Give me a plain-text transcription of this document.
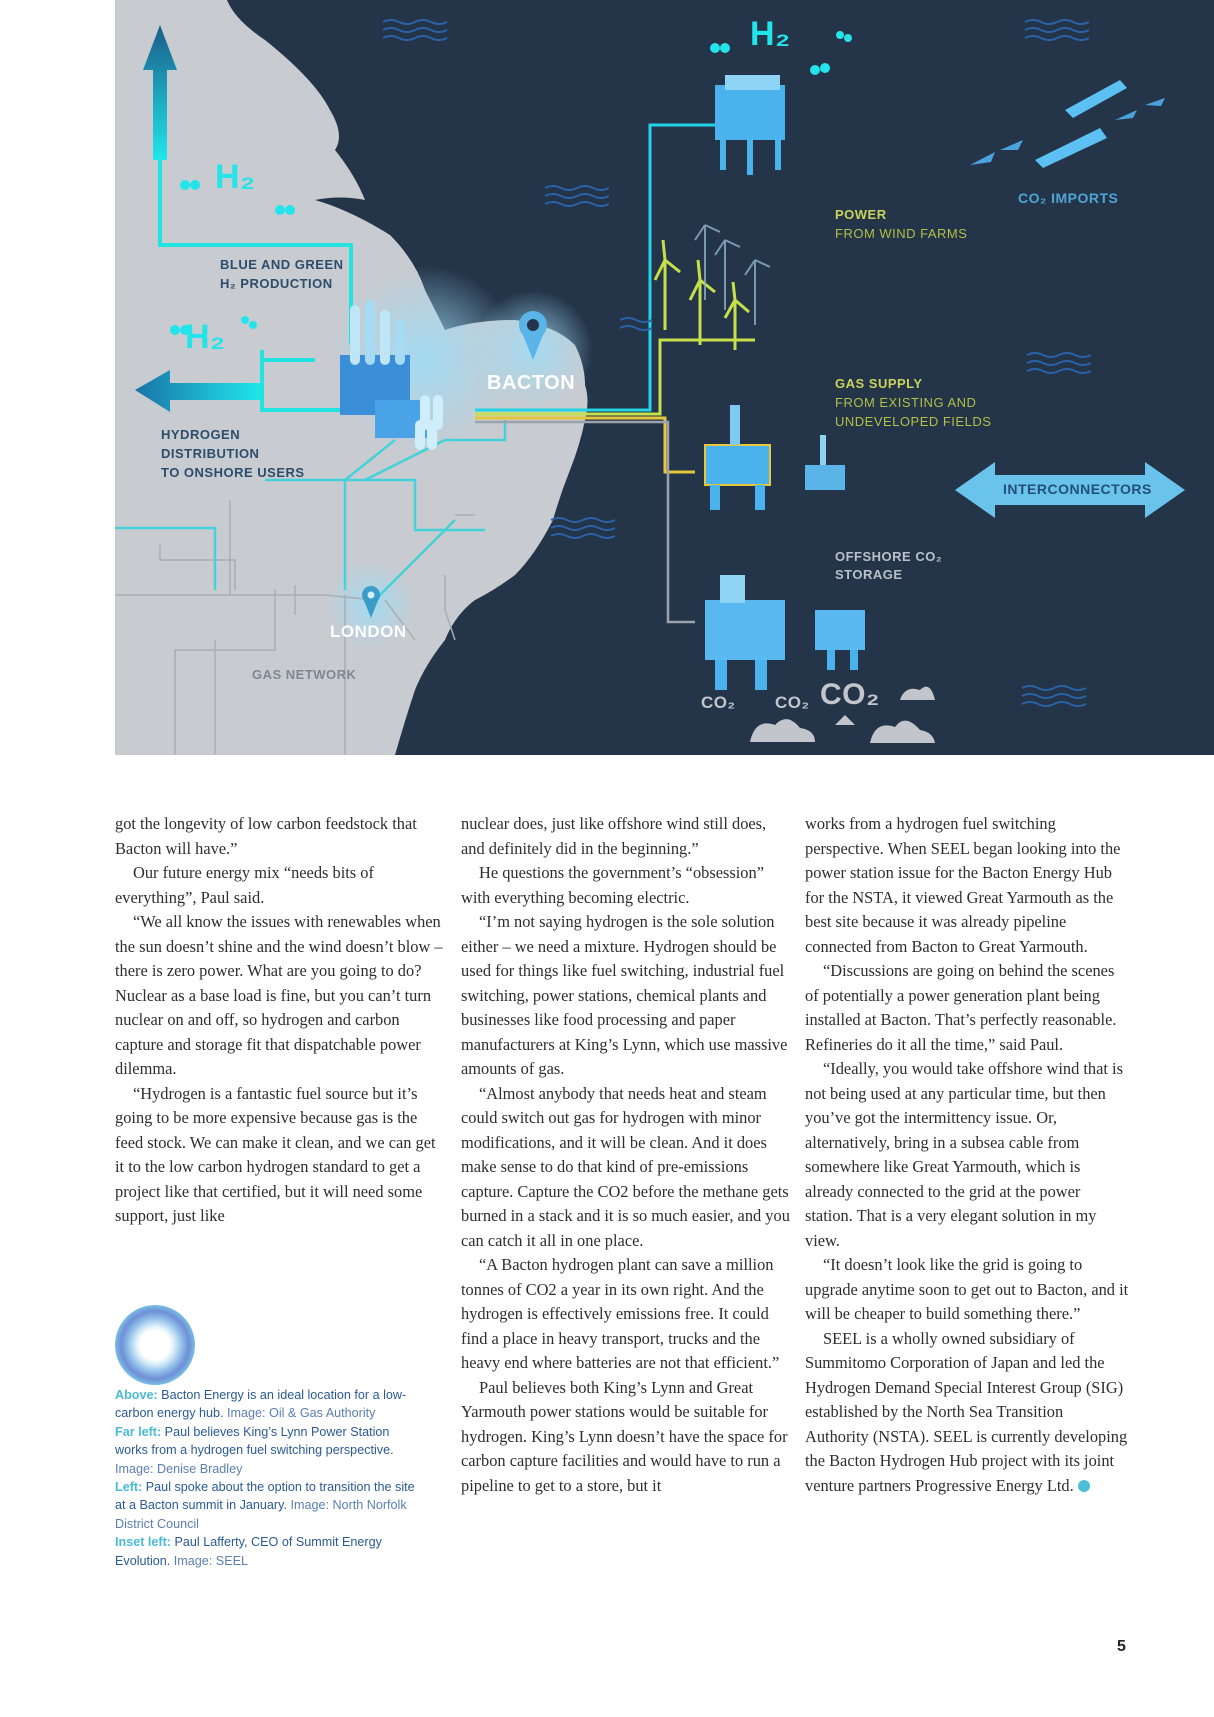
H₂
H₂
H₂
BLUE AND GREEN
H₂ PRODUCTION
HYDROGEN
DISTRIBUTION
TO ONSHORE USERS
BACTON
LONDON
GAS NETWORK
POWER
FROM WIND FARMS
GAS SUPPLY
FROM EXISTING AND
UNDEVELOPED FIELDS
CO₂ IMPORTS
INTERCONNECTORS
OFFSHORE CO₂
STORAGE
CO₂ CO₂ CO₂

got the longevity of low carbon feedstock that Bacton will have.”

Our future energy mix “needs bits of everything”, Paul said.

“We all know the issues with renewables when the sun doesn’t shine and the wind doesn’t blow – there is zero power. What are you going to do? Nuclear as a base load is fine, but you can’t turn nuclear on and off, so hydrogen and carbon capture and storage fit that dispatchable power dilemma.

“Hydrogen is a fantastic fuel source but it’s going to be more expensive because gas is the feed stock. We can make it clean, and we can get it to the low carbon hydrogen standard to get a project like that certified, but it will need some support, just like

nuclear does, just like offshore wind still does, and definitely did in the beginning.”

He questions the government’s “obsession” with everything becoming electric.

“I’m not saying hydrogen is the sole solution either – we need a mixture. Hydrogen should be used for things like fuel switching, industrial fuel switching, power stations, chemical plants and businesses like food processing and paper manufacturers at King’s Lynn, which use massive amounts of gas.

“Almost anybody that needs heat and steam could switch out gas for hydrogen with minor modifications, and it will be clean. And it does make sense to do that kind of pre-emissions capture. Capture the CO2 before the methane gets burned in a stack and it is so much easier, and you can catch it all in one place.

“A Bacton hydrogen plant can save a million tonnes of CO2 a year in its own right. And the hydrogen is effectively emissions free. It could find a place in heavy transport, trucks and the heavy end where batteries are not that efficient.”

Paul believes both King’s Lynn and Great Yarmouth power stations would be suitable for hydrogen. King’s Lynn doesn’t have the space for carbon capture facilities and would have to run a pipeline to get to a store, but it

works from a hydrogen fuel switching perspective. When SEEL began looking into the power station issue for the Bacton Energy Hub for the NSTA, it viewed Great Yarmouth as the best site because it was already pipeline connected from Bacton to Great Yarmouth.

“Discussions are going on behind the scenes of potentially a power generation plant being installed at Bacton. That’s perfectly reasonable. Refineries do it all the time,” said Paul.

“Ideally, you would take offshore wind that is not being used at any particular time, but then you’ve got the intermittency issue. Or, alternatively, bring in a subsea cable from somewhere like Great Yarmouth, which is already connected to the grid at the power station. That is a very elegant solution in my view.

“It doesn’t look like the grid is going to upgrade anytime soon to get out to Bacton, and it will be cheaper to build something there.”

SEEL is a wholly owned subsidiary of Summitomo Corporation of Japan and led the Hydrogen Demand Special Interest Group (SIG) established by the North Sea Transition Authority (NSTA). SEEL is currently developing the Bacton Hydrogen Hub project with its joint venture partners Progressive Energy Ltd.

Above: Bacton Energy is an ideal location for a low-carbon energy hub. Image: Oil & Gas Authority
Far left: Paul believes King’s Lynn Power Station works from a hydrogen fuel switching perspective. Image: Denise Bradley
Left: Paul spoke about the option to transition the site at a Bacton summit in January. Image: North Norfolk District Council
Inset left: Paul Lafferty, CEO of Summit Energy Evolution. Image: SEEL
5
